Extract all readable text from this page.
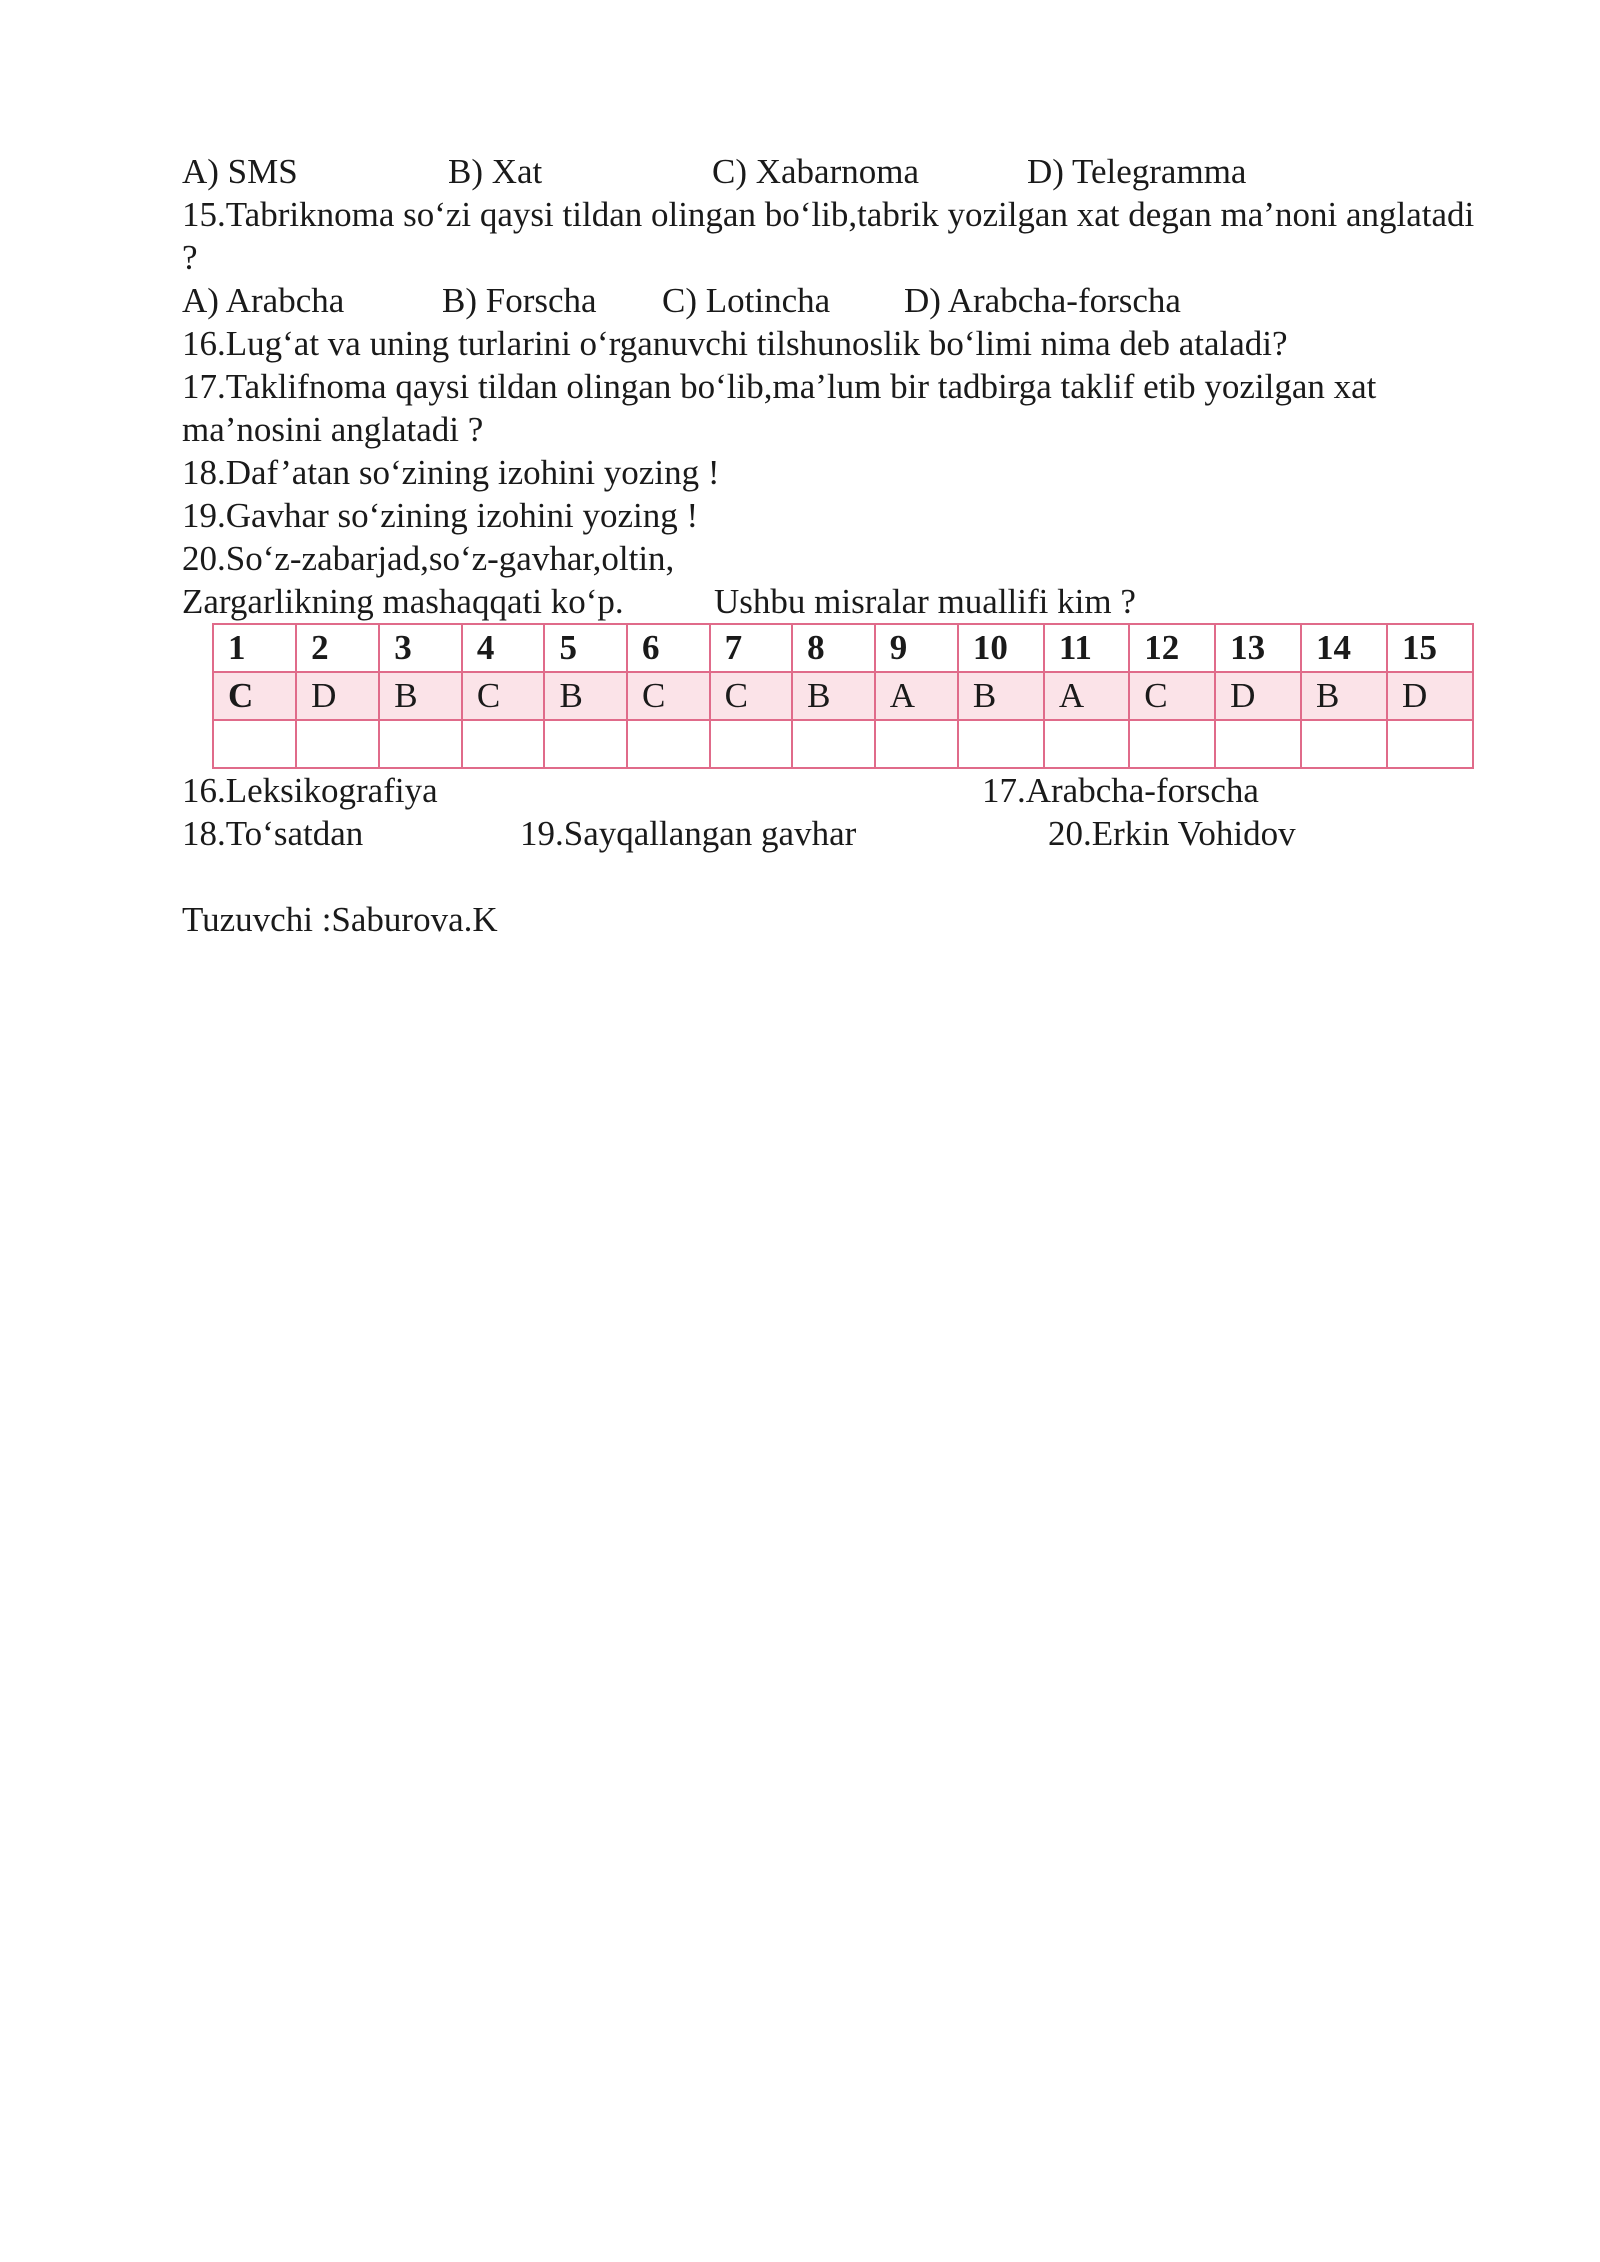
A) SMS	B) Xat	C) Xabarnoma	D) Telegramma
15.Tabriknoma so‘zi qaysi tildan olingan bo‘lib,tabrik yozilgan xat degan ma’noni anglatadi ?
A) Arabcha	B) Forscha C) Lotincha D) Arabcha-forscha
16.Lug‘at va uning turlarini o‘rganuvchi tilshunoslik bo‘limi nima deb ataladi?
17.Taklifnoma qaysi tildan olingan bo‘lib,ma’lum bir tadbirga taklif etib yozilgan xat ma’nosini anglatadi ?
18.Daf’atan so‘zining izohini yozing !
19.Gavhar so‘zining izohini yozing !
20.So‘z-zabarjad,so‘z-gavhar,oltin,
Zargarlikning mashaqqati ko‘p.	Ushbu misralar muallifi kim ?
1	2	3	4	5	6	7	8	9	10	11	12	13	14	15
C	D	B	C	B	C	C	B	A	B	A	C	D	B	D

16.Leksikografiya	17.Arabcha-forscha
18.To‘satdan	19.Sayqallangan gavhar	20.Erkin Vohidov
Tuzuvchi :Saburova.K
